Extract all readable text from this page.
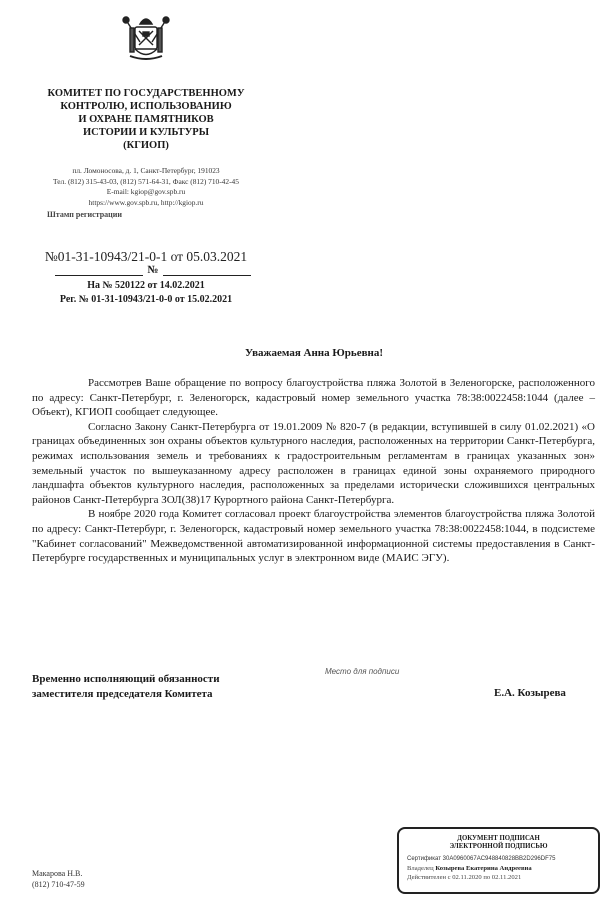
КОМИТЕТ ПО ГОСУДАРСТВЕННОМУ
КОНТРОЛЮ, ИСПОЛЬЗОВАНИЮ
И ОХРАНЕ ПАМЯТНИКОВ
ИСТОРИИ И КУЛЬТУРЫ
(КГИОП)
пл. Ломоносова, д. 1, Санкт-Петербург, 191023
Тел. (812) 315-43-03, (812) 571-64-31, Факс (812) 710-42-45
E-mail: kgiop@gov.spb.ru
https://www.gov.spb.ru, http://kgiop.ru
Штамп регистрации
№01-31-10943/21-0-1 от 05.03.2021
№
На № 520122 от 14.02.2021
Рег. № 01-31-10943/21-0-0 от 15.02.2021
Уважаемая Анна Юрьевна!

Рассмотрев Ваше обращение по вопросу благоустройства пляжа Золотой в Зеленогорске, расположенного по адресу: Санкт-Петербург, г. Зеленогорск, кадастровый номер земельного участка 78:38:0022458:1044 (далее – Объект), КГИОП сообщает следующее.

Согласно Закону Санкт-Петербурга от 19.01.2009 № 820-7 (в редакции, вступившей в силу 01.02.2021) «О границах объединенных зон охраны объектов культурного наследия, расположенных на территории Санкт-Петербурга, режимах использования земель и требованиях к градостроительным регламентам в границах указанных зон» земельный участок по вышеуказанному адресу расположен в границах единой зоны охраняемого природного ландшафта объектов культурного наследия, расположенных за пределами исторически сложившихся центральных районов Санкт-Петербурга ЗОЛ(38)17 Курортного района Санкт-Петербурга.

В ноябре 2020 года Комитет согласовал проект благоустройства элементов благоустройства пляжа Золотой по адресу: Санкт-Петербург, г. Зеленогорск, кадастровый номер земельного участка 78:38:0022458:1044, в подсистеме "Кабинет согласований" Межведомственной автоматизированной информационной системы предоставления в Санкт-Петербурге государственных и муниципальных услуг в электронном виде (МАИС ЭГУ).

Временно исполняющий обязанности
заместителя председателя Комитета
Место для подписи
Е.А. Козырева
Макарова Н.В.
(812) 710-47-59
ДОКУМЕНТ ПОДПИСАН
ЭЛЕКТРОННОЙ ПОДПИСЬЮ
Сертификат 30A0960067AC948840828BB2D296DF75
Владелец Козырева Екатерина Андреевна
Действителен с 02.11.2020 по 02.11.2021
